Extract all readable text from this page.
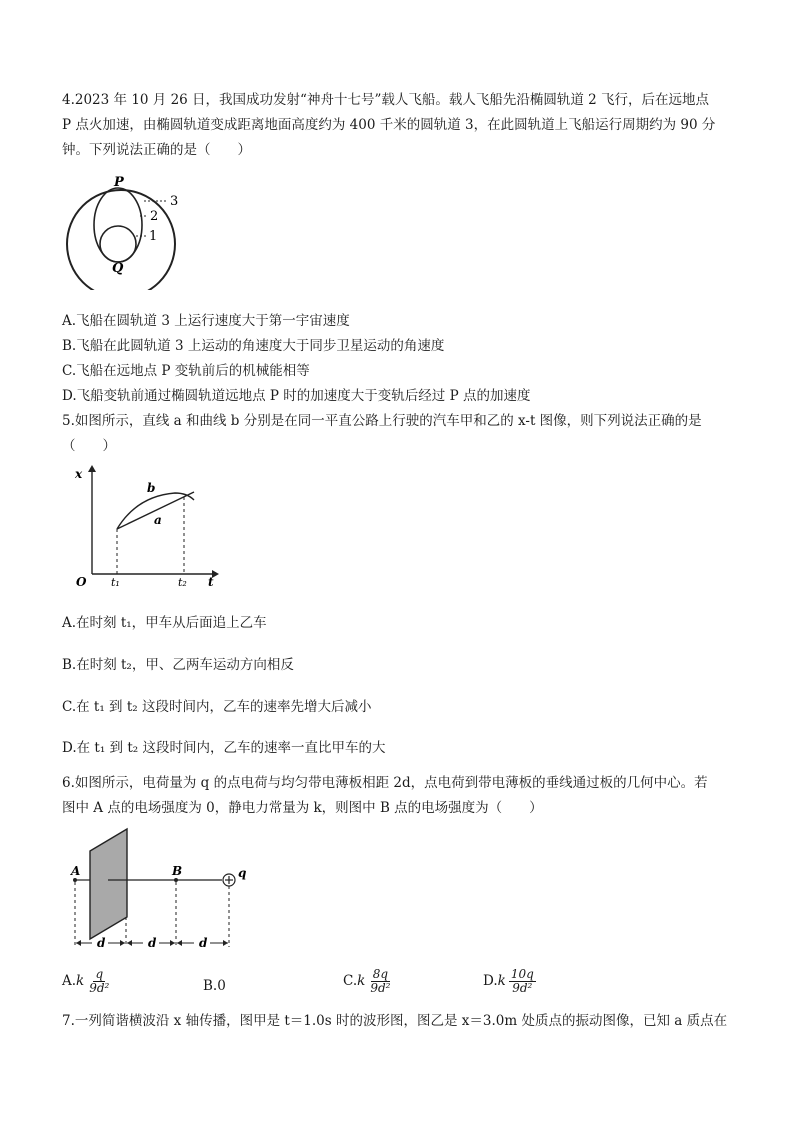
4.2023 年 10 月 26 日，我国成功发射“神舟十七号”载人飞船。载人飞船先沿椭圆轨道 2 飞行，后在远地点
P 点火加速，由椭圆轨道变成距离地面高度约为 400 千米的圆轨道 3，在此圆轨道上飞船运行周期约为 90 分
钟。下列说法正确的是（　　）
P
Q
1
2
3
A.飞船在圆轨道 3 上运行速度大于第一宇宙速度
B.飞船在此圆轨道 3 上运动的角速度大于同步卫星运动的角速度
C.飞船在远地点 P 变轨前后的机械能相等
D.飞船变轨前通过椭圆轨道远地点 P 时的加速度大于变轨后经过 P 点的加速度
5.如图所示，直线 a 和曲线 b 分别是在同一平直公路上行驶的汽车甲和乙的 x-t 图像，则下列说法正确的是
（　　）
x
t
O
a
b
t₁	t₂
A.在时刻 t₁，甲车从后面追上乙车
B.在时刻 t₂，甲、乙两车运动方向相反
C.在 t₁ 到 t₂ 这段时间内，乙车的速率先增大后减小
D.在 t₁ 到 t₂ 这段时间内，乙车的速率一直比甲车的大
6.如图所示，电荷量为 q 的点电荷与均匀带电薄板相距 2d，点电荷到带电薄板的垂线通过板的几何中心。若
图中 A 点的电场强度为 0，静电力常量为 k，则图中 B 点的电场强度为（　　）
A	B	q
d	d	d
$A.k \frac{q}{\text{9d²}}$	B.0	$C.k \frac{8q}{\text{9d²}}$	$D.k \frac{10q}{\text{9d²}}$
7.一列简谐横波沿 x 轴传播，图甲是 t＝1.0s 时的波形图，图乙是 x＝3.0m 处质点的振动图像，已知 a 质点在
